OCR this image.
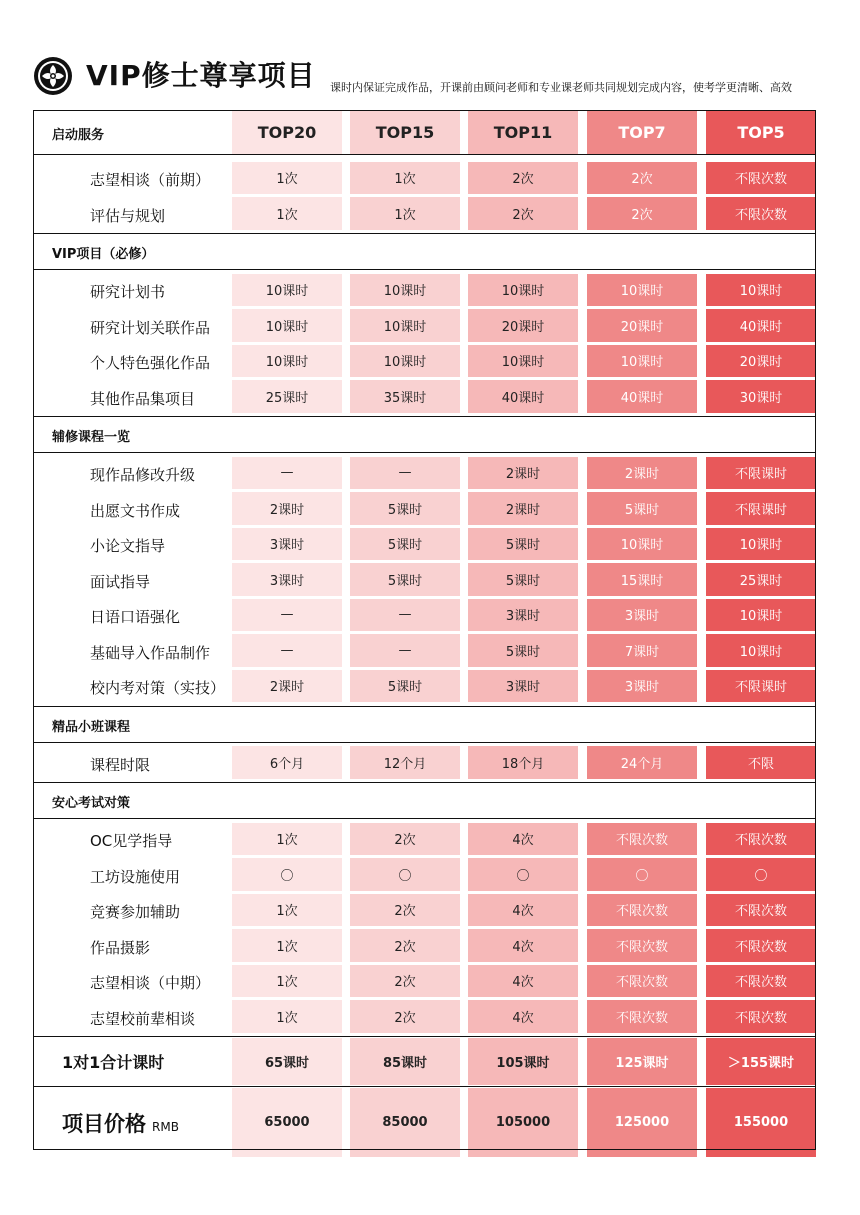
VIP修士尊享项目 课时内保证完成作品，开课前由顾问老师和专业课老师共同规划完成内容，使考学更清晰、高效
启动服务	TOP20	TOP15	TOP11	TOP7	TOP5
志望相谈（前期）	1次	1次	2次	2次	不限次数
评估与规划	1次	1次	2次	2次	不限次数
VIP项目（必修）
研究计划书	10课时	10课时	10课时	10课时	10课时
研究计划关联作品	10课时	10课时	20课时	20课时	40课时
个人特色强化作品	10课时	10课时	10课时	10课时	20课时
其他作品集项目	25课时	35课时	40课时	40课时	30课时
辅修课程一览
现作品修改升级	—	—	2课时	2课时	不限课时
出愿文书作成	2课时	5课时	2课时	5课时	不限课时
小论文指导	3课时	5课时	5课时	10课时	10课时
面试指导	3课时	5课时	5课时	15课时	25课时
日语口语强化	—	—	3课时	3课时	10课时
基础导入作品制作	—	—	5课时	7课时	10课时
校内考对策（实技）	2课时	5课时	3课时	3课时	不限课时
精品小班课程
课程时限	6个月	12个月	18个月	24个月	不限
安心考试对策
OC见学指导	1次	2次	4次	不限次数	不限次数
工坊设施使用	〇	〇	〇	〇	〇
竞赛参加辅助	1次	2次	4次	不限次数	不限次数
作品摄影	1次	2次	4次	不限次数	不限次数
志望相谈（中期）	1次	2次	4次	不限次数	不限次数
志望校前辈相谈	1次	2次	4次	不限次数	不限次数
1对1合计课时	65课时	85课时	105课时	125课时	＞155课时
项目价格 RMB	65000	85000	105000	125000	155000
